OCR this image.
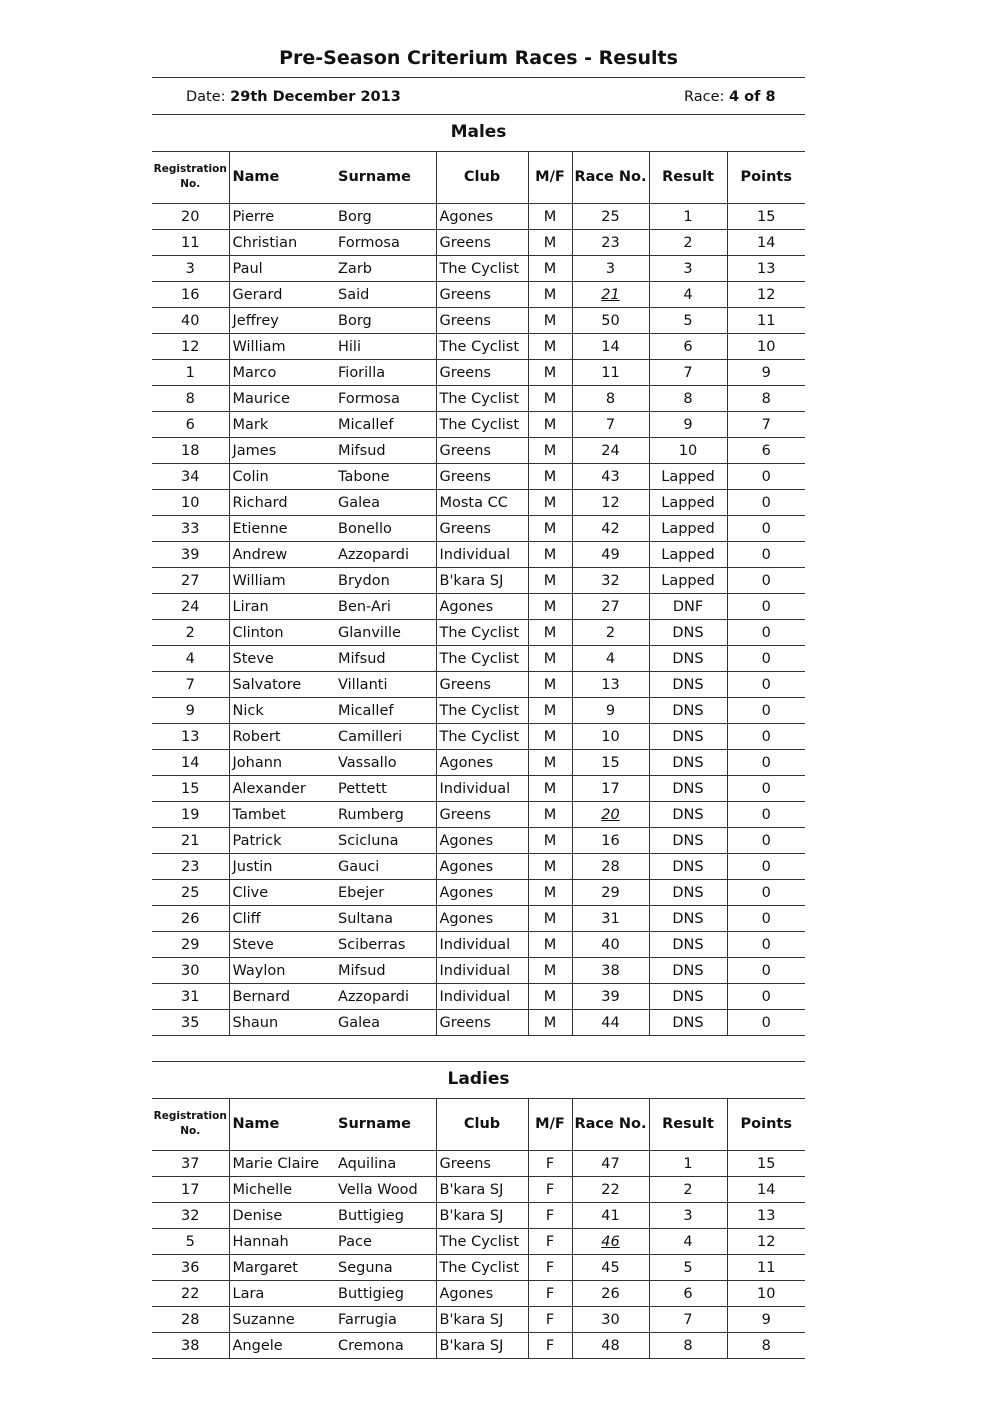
Pre-Season Criterium Races - Results
Date: 29th December 2013	Race: 4 of 8
Males
Registration No.	Name	Surname	Club	M/F	Race No.	Result	Points
20	Pierre	Borg	Agones	M	25	1	15
11	Christian	Formosa	Greens	M	23	2	14
3	Paul	Zarb	The Cyclist	M	3	3	13
16	Gerard	Said	Greens	M	21	4	12
40	Jeffrey	Borg	Greens	M	50	5	11
12	William	Hili	The Cyclist	M	14	6	10
1	Marco	Fiorilla	Greens	M	11	7	9
8	Maurice	Formosa	The Cyclist	M	8	8	8
6	Mark	Micallef	The Cyclist	M	7	9	7
18	James	Mifsud	Greens	M	24	10	6
34	Colin	Tabone	Greens	M	43	Lapped	0
10	Richard	Galea	Mosta CC	M	12	Lapped	0
33	Etienne	Bonello	Greens	M	42	Lapped	0
39	Andrew	Azzopardi	Individual	M	49	Lapped	0
27	William	Brydon	B'kara SJ	M	32	Lapped	0
24	Liran	Ben-Ari	Agones	M	27	DNF	0
2	Clinton	Glanville	The Cyclist	M	2	DNS	0
4	Steve	Mifsud	The Cyclist	M	4	DNS	0
7	Salvatore	Villanti	Greens	M	13	DNS	0
9	Nick	Micallef	The Cyclist	M	9	DNS	0
13	Robert	Camilleri	The Cyclist	M	10	DNS	0
14	Johann	Vassallo	Agones	M	15	DNS	0
15	Alexander	Pettett	Individual	M	17	DNS	0
19	Tambet	Rumberg	Greens	M	20	DNS	0
21	Patrick	Scicluna	Agones	M	16	DNS	0
23	Justin	Gauci	Agones	M	28	DNS	0
25	Clive	Ebejer	Agones	M	29	DNS	0
26	Cliff	Sultana	Agones	M	31	DNS	0
29	Steve	Sciberras	Individual	M	40	DNS	0
30	Waylon	Mifsud	Individual	M	38	DNS	0
31	Bernard	Azzopardi	Individual	M	39	DNS	0
35	Shaun	Galea	Greens	M	44	DNS	0
Ladies
Registration No.	Name	Surname	Club	M/F	Race No.	Result	Points
37	Marie Claire	Aquilina	Greens	F	47	1	15
17	Michelle	Vella Wood	B'kara SJ	F	22	2	14
32	Denise	Buttigieg	B'kara SJ	F	41	3	13
5	Hannah	Pace	The Cyclist	F	46	4	12
36	Margaret	Seguna	The Cyclist	F	45	5	11
22	Lara	Buttigieg	Agones	F	26	6	10
28	Suzanne	Farrugia	B'kara SJ	F	30	7	9
38	Angele	Cremona	B'kara SJ	F	48	8	8
